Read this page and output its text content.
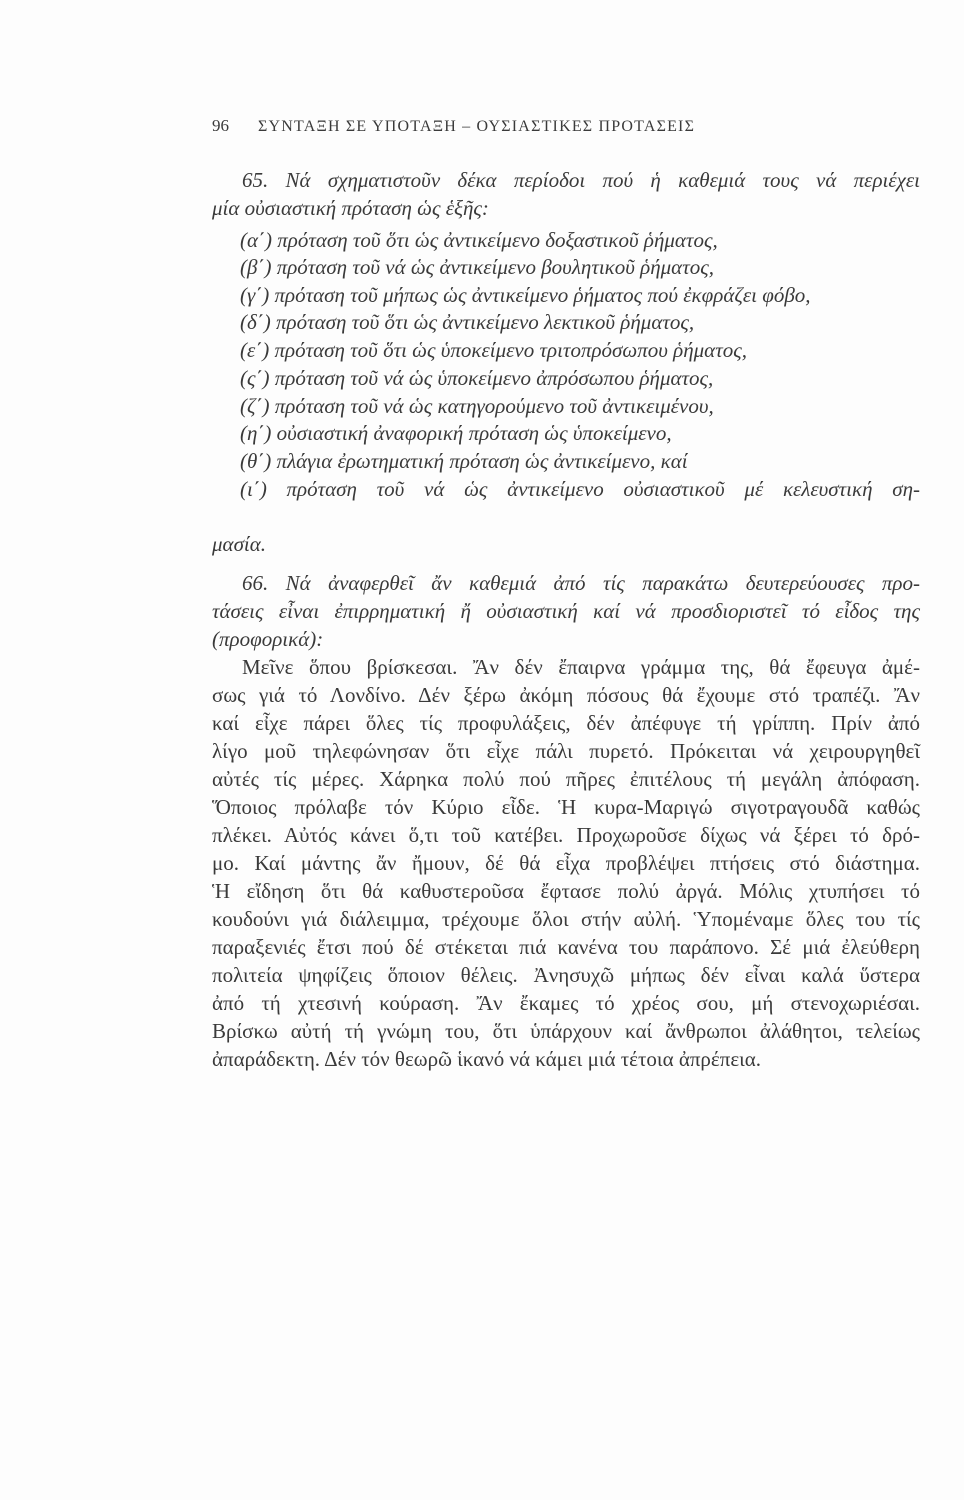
96 ΣΥΝΤΑΞΗ ΣΕ ΥΠΟΤΑΞΗ – ΟΥΣΙΑΣΤΙΚΕΣ ΠΡΟΤΑΣΕΙΣ
65. Νά σχηματιστοῦν δέκα περίοδοι πού ἡ καθεμιά τους νά περιέχει
μία οὐσιαστική πρόταση ὡς ἑξῆς:
(α΄) πρόταση τοῦ ὅτι ὡς ἀντικείμενο δοξαστικοῦ ῥήματος,
(β΄) πρόταση τοῦ νά ὡς ἀντικείμενο βουλητικοῦ ῥήματος,
(γ΄) πρόταση τοῦ μήπως ὡς ἀντικείμενο ῥήματος πού ἐκφράζει φόβο,
(δ΄) πρόταση τοῦ ὅτι ὡς ἀντικείμενο λεκτικοῦ ῥήματος,
(ε΄) πρόταση τοῦ ὅτι ὡς ὑποκείμενο τριτοπρόσωπου ῥήματος,
(ς΄) πρόταση τοῦ νά ὡς ὑποκείμενο ἀπρόσωπου ῥήματος,
(ζ΄) πρόταση τοῦ νά ὡς κατηγορούμενο τοῦ ἀντικειμένου,
(η΄) οὐσιαστική ἀναφορική πρόταση ὡς ὑποκείμενο,
(θ΄) πλάγια ἐρωτηματική πρόταση ὡς ἀντικείμενο, καί
(ι΄) πρόταση τοῦ νά ὡς ἀντικείμενο οὐσιαστικοῦ μέ κελευστική ση-
μασία.
66. Νά ἀναφερθεῖ ἄν καθεμιά ἀπό τίς παρακάτω δευτερεύουσες προ-
τάσεις εἶναι ἐπιρρηματική ἤ οὐσιαστική καί νά προσδιοριστεῖ τό εἶδος της
(προφορικά):
Μεῖνε ὅπου βρίσκεσαι. Ἄν δέν ἔπαιρνα γράμμα της, θά ἔφευγα ἀμέ-
σως γιά τό Λονδίνο. Δέν ξέρω ἀκόμη πόσους θά ἔχουμε στό τραπέζι. Ἄν
καί εἶχε πάρει ὅλες τίς προφυλάξεις, δέν ἀπέφυγε τή γρίππη. Πρίν ἀπό
λίγο μοῦ τηλεφώνησαν ὅτι εἶχε πάλι πυρετό. Πρόκειται νά χειρουργηθεῖ
αὐτές τίς μέρες. Χάρηκα πολύ πού πῆρες ἐπιτέλους τή μεγάλη ἀπόφαση.
Ὅποιος πρόλαβε τόν Κύριο εἶδε. Ἡ κυρα-Μαριγώ σιγοτραγουδᾶ καθώς
πλέκει. Αὐτός κάνει ὅ,τι τοῦ κατέβει. Προχωροῦσε δίχως νά ξέρει τό δρό-
μο. Καί μάντης ἄν ἤμουν, δέ θά εἶχα προβλέψει πτήσεις στό διάστημα.
Ἡ εἴδηση ὅτι θά καθυστεροῦσα ἔφτασε πολύ ἀργά. Μόλις χτυπήσει τό
κουδούνι γιά διάλειμμα, τρέχουμε ὅλοι στήν αὐλή. Ὑπομέναμε ὅλες του τίς
παραξενιές ἔτσι πού δέ στέκεται πιά κανένα του παράπονο. Σέ μιά ἐλεύθερη
πολιτεία ψηφίζεις ὅποιον θέλεις. Ἀνησυχῶ μήπως δέν εἶναι καλά ὕστερα
ἀπό τή χτεσινή κούραση. Ἄν ἔκαμες τό χρέος σου, μή στενοχωριέσαι.
Βρίσκω αὐτή τή γνώμη του, ὅτι ὑπάρχουν καί ἄνθρωποι ἀλάθητοι, τελείως
ἀπαράδεκτη. Δέν τόν θεωρῶ ἱκανό νά κάμει μιά τέτοια ἀπρέπεια.
